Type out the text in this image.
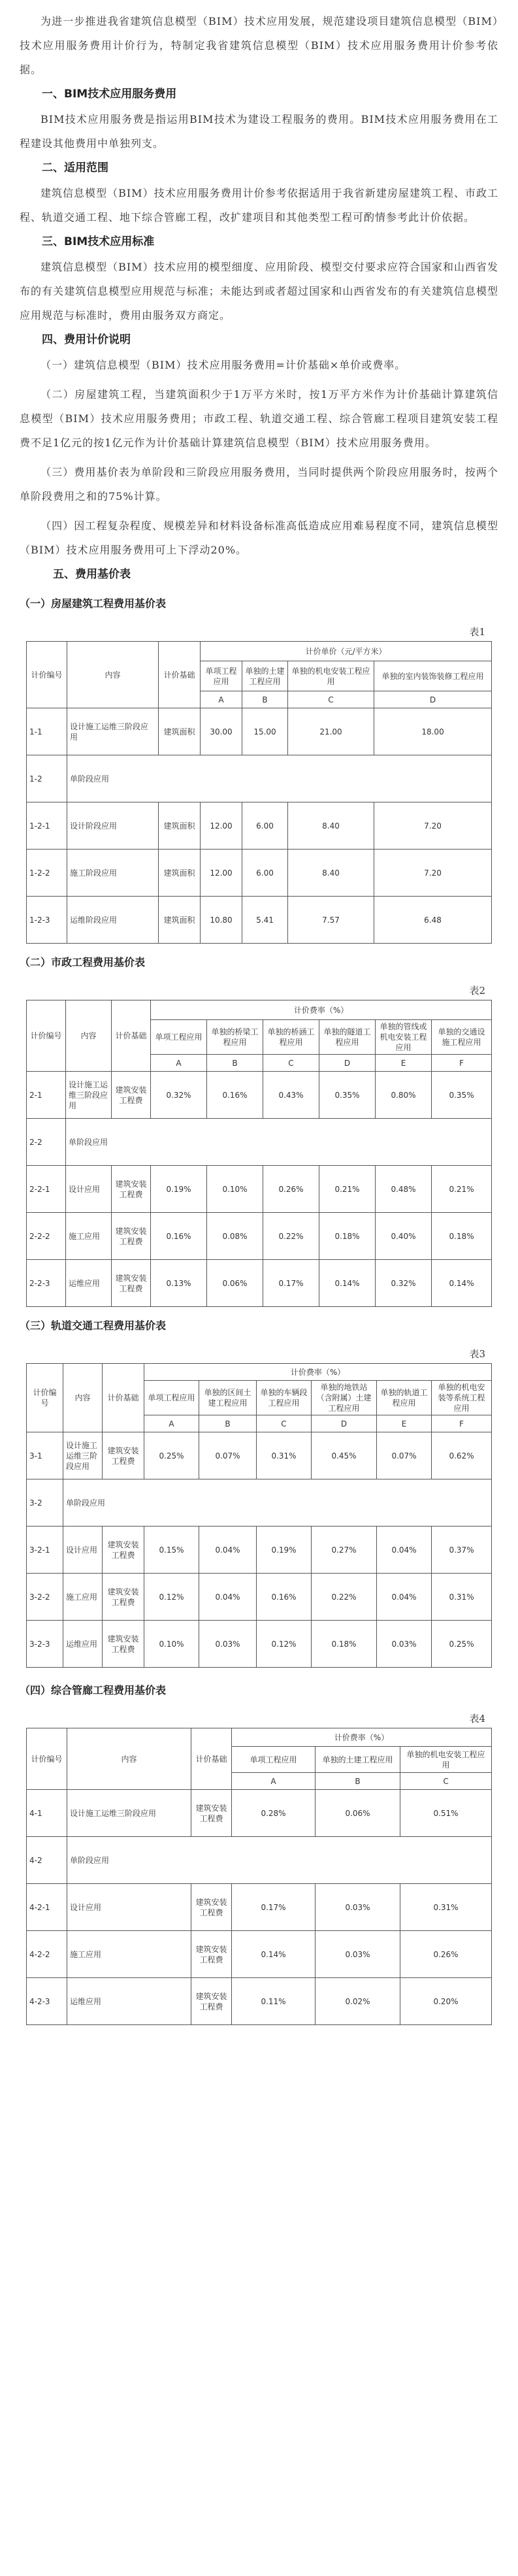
为进一步推进我省建筑信息模型（BIM）技术应用发展，规范建设项目建筑信息模型（BIM）技术应用服务费用计价行为，特制定我省建筑信息模型（BIM）技术应用服务费用计价参考依据。

一、BIM技术应用服务费用

BIM技术应用服务费是指运用BIM技术为建设工程服务的费用。BIM技术应用服务费用在工程建设其他费用中单独列支。

二、适用范围

建筑信息模型（BIM）技术应用服务费用计价参考依据适用于我省新建房屋建筑工程、市政工程、轨道交通工程、地下综合管廊工程，改扩建项目和其他类型工程可酌情参考此计价依据。

三、BIM技术应用标准

建筑信息模型（BIM）技术应用的模型细度、应用阶段、模型交付要求应符合国家和山西省发布的有关建筑信息模型应用规范与标准；未能达到或者超过国家和山西省发布的有关建筑信息模型应用规范与标准时，费用由服务双方商定。

四、费用计价说明

（一）建筑信息模型（BIM）技术应用服务费用=计价基础×单价或费率。

（二）房屋建筑工程，当建筑面积少于1万平方米时，按1万平方米作为计价基础计算建筑信息模型（BIM）技术应用服务费用；市政工程、轨道交通工程、综合管廊工程项目建筑安装工程费不足1亿元的按1亿元作为计价基础计算建筑信息模型（BIM）技术应用服务费用。

（三）费用基价表为单阶段和三阶段应用服务费用，当同时提供两个阶段应用服务时，按两个单阶段费用之和的75%计算。

（四）因工程复杂程度、规模差异和材料设备标准高低造成应用难易程度不同，建筑信息模型（BIM）技术应用服务费用可上下浮动20%。

五、费用基价表

（一）房屋建筑工程费用基价表

表1

计价编号	内容	计价基础	计价单价（元/平方米）			
			单项工程应用	单独的土建工程应用	单独的机电安装工程应用	单独的室内装饰装修工程应用
			A	B	C	D
1-1	设计施工运维三阶段应用	建筑面积	30.00	15.00	21.00	18.00
1-2	单阶段应用					
1-2-1	设计阶段应用	建筑面积	12.00	6.00	8.40	7.20
1-2-2	施工阶段应用	建筑面积	12.00	6.00	8.40	7.20
1-2-3	运维阶段应用	建筑面积	10.80	5.41	7.57	6.48

（二）市政工程费用基价表

表2

计价编号	内容	计价基础	计价费率（%）					
			单项工程应用	单独的桥梁工程应用	单独的桥涵工程应用	单独的隧道工程应用	单独的管线或机电安装工程应用	单独的交通设施工程应用
			A	B	C	D	E	F
2-1	设计施工运维三阶段应用	建筑安装工程费	0.32%	0.16%	0.43%	0.35%	0.80%	0.35%
2-2	单阶段应用							
2-2-1	设计应用	建筑安装工程费	0.19%	0.10%	0.26%	0.21%	0.48%	0.21%
2-2-2	施工应用	建筑安装工程费	0.16%	0.08%	0.22%	0.18%	0.40%	0.18%
2-2-3	运维应用	建筑安装工程费	0.13%	0.06%	0.17%	0.14%	0.32%	0.14%

（三）轨道交通工程费用基价表

表3

计价编号	内容	计价基础	计价费率（%）					
			单项工程应用	单独的区间土建工程应用	单独的车辆段工程应用	单独的地铁站（含附属）土建工程应用	单独的轨道工程应用	单独的机电安装等系统工程应用
			A	B	C	D	E	F
3-1	设计施工运维三阶段应用	建筑安装工程费	0.25%	0.07%	0.31%	0.45%	0.07%	0.62%
3-2	单阶段应用							
3-2-1	设计应用	建筑安装工程费	0.15%	0.04%	0.19%	0.27%	0.04%	0.37%
3-2-2	施工应用	建筑安装工程费	0.12%	0.04%	0.16%	0.22%	0.04%	0.31%
3-2-3	运维应用	建筑安装工程费	0.10%	0.03%	0.12%	0.18%	0.03%	0.25%

（四）综合管廊工程费用基价表

表4

计价编号	内容	计价基础	计价费率（%）		
			单项工程应用	单独的土建工程应用	单独的机电安装工程应用
			A	B	C
4-1	设计施工运维三阶段应用	建筑安装工程费	0.28%	0.06%	0.51%
4-2	单阶段应用				
4-2-1	设计应用	建筑安装工程费	0.17%	0.03%	0.31%
4-2-2	施工应用	建筑安装工程费	0.14%	0.03%	0.26%
4-2-3	运维应用	建筑安装工程费	0.11%	0.02%	0.20%
